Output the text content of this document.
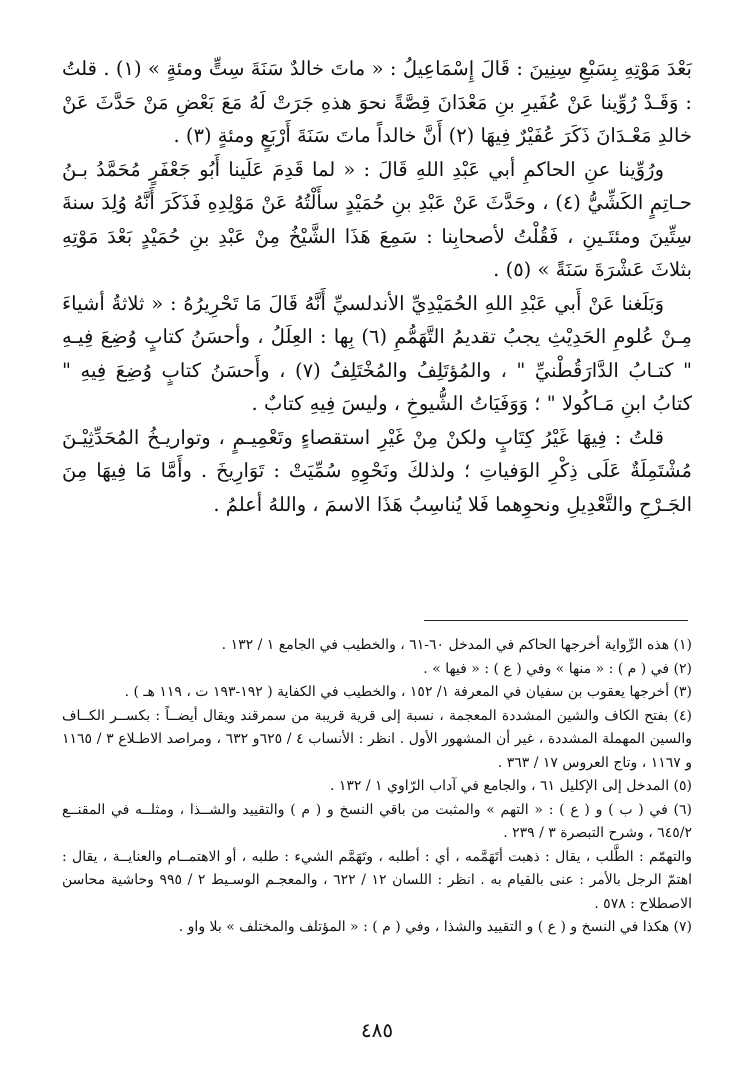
بَعْدَ مَوْتِهِ بِسَبْعِ سِنِينَ : قَالَ إِسْمَاعِيلُ : « ماتَ خالدٌ سَنَةَ سِتٍّ ومئةٍ » (١) . قلتُ : وَقَـدْ رُوِّينا عَنْ عُفَيرِ بنِ مَعْدَانَ قِصَّةً نحوَ هذهِ جَرَتْ لَهُ مَعَ بَعْضِ مَنْ حَدَّثَ عَنْ خالدِ مَعْـدَانَ ذَكَرَ عُفَيْرٌ فِيهَا (٢) أَنَّ خالداً ماتَ سَنَةَ أَرْبَعٍ ومئةٍ (٣) .

ورُوِّينا عنِ الحاكمِ أبي عَبْدِ اللهِ قَالَ : « لما قَدِمَ عَلَينا أَبُو جَعْفَرٍ مُحَمَّدُ بـنُ حـاتِمٍ الكَشِّيُّ (٤) ، وحَدَّثَ عَنْ عَبْدِ بنِ حُمَيْدٍ سأَلْتُهُ عَنْ مَوْلِدِهِ فَذَكَرَ أَنَّهُ وُلِدَ سنةَ سِتِّينَ ومئتَـينِ ، فَقُلْتُ لأصحابِنا : سَمِعَ هَذَا الشَّيْخُ مِنْ عَبْدِ بنِ حُمَيْدٍ بَعْدَ مَوْتِهِ بثلاثَ عَشْرَةَ سَنَةً » (٥) .

وَبَلَغنا عَنْ أَبي عَبْدِ اللهِ الحُمَيْدِيِّ الأندلسيِّ أَنَّهُ قَالَ مَا تَحْرِيرُهُ : « ثلاثةُ أشياءَ مِـنْ عُلومِ الحَدِيْثِ يجبُ تقديمُ التَّهَمُّمِ (٦) بِها : العِلَلُ ، وأحسَنُ كتابٍ وُضِعَ فِيـهِ " كتـابُ الدَّارَقُطْنيِّ " ، والمُؤتَلِفُ والمُخْتَلِفُ (٧) ، وأَحسَنُ كتابٍ وُضِعَ فِيهِ " كتابُ ابنِ مَـاكُولا " ؛ وَوَفَيَاتُ الشُّيوخِ ، وليسَ فِيهِ كتابٌ .

قلتُ : فِيهَا غَيْرُ كِتَابٍ ولكنْ مِنْ غَيْرِ استقصاءٍ وتَعْمِيـمٍ ، وتواريـخُ المُحَدِّثِيْـنَ مُشْتَمِلَةٌ عَلَى ذِكْرِ الوَفياتِ ؛ ولذلكَ ونَحْوِهِ سُمِّيَتْ : تَوَارِيخَ . وأَمَّا مَا فِيهَا مِنَ الجَـرْحِ والتَّعْدِيلِ ونحوِهما فَلا يُناسِبُ هَذَا الاسمَ ، واللهُ أعلمُ .

(١) هذه الرِّواية أخرجها الحاكم في المدخل ٦٠-٦١ ، والخطيب في الجامع ١ / ١٣٢ .

(٢) في ( م ) : « منها » وفي ( ع ) : « فيها » .

(٣) أخرجها يعقوب بن سفيان في المعرفة ١/ ١٥٢ ، والخطيب في الكفاية ( ١٩٢-١٩٣ ت ، ١١٩ هـ ) .

(٤) بفتح الكاف والشين المشددة المعجمة ، نسبة إلى قرية قريبة من سمرقند ويقال أيضــاً : بكســر الكــاف والسين المهملة المشددة ، غير أن المشهور الأول . انظر : الأنساب ٤ / ٦٢٥و ٦٣٢ ، ومراصد الاطـلاع ٣ / ١١٦٥ و ١١٦٧ ، وتاج العروس ١٧ / ٣٦٣ .

(٥) المدخل إلى الإكليل ٦١ ، والجامع في آداب الرّاوي ١ / ١٣٢ .

(٦) في ( ب ) و ( ع ) : « التهم » والمثبت من باقي النسخ و ( م ) والتقييد والشــذا ، ومثلــه في المقنــع ٦٤٥/٢ ، وشرح التبصرة ٣ / ٢٣٩ .

والتهمّم : الطَّلب ، يقال : ذهبت أتَهَمَّمه ، أي : أطلبه ، وتَهَمَّم الشيء : طلبه ، أو الاهتمــام والعنايــة ، يقال : اهتمّ الرجل بالأمر : عنى بالقيام به . انظر : اللسان ١٢ / ٦٢٢ ، والمعجـم الوسـيط ٢ / ٩٩٥ وحاشية محاسن الاصطلاح : ٥٧٨ .

(٧) هكذا في النسخ و ( ع ) و التقييد والشذا ، وفي ( م ) : « المؤتلف والمختلف » بلا واو .

٤٨٥
